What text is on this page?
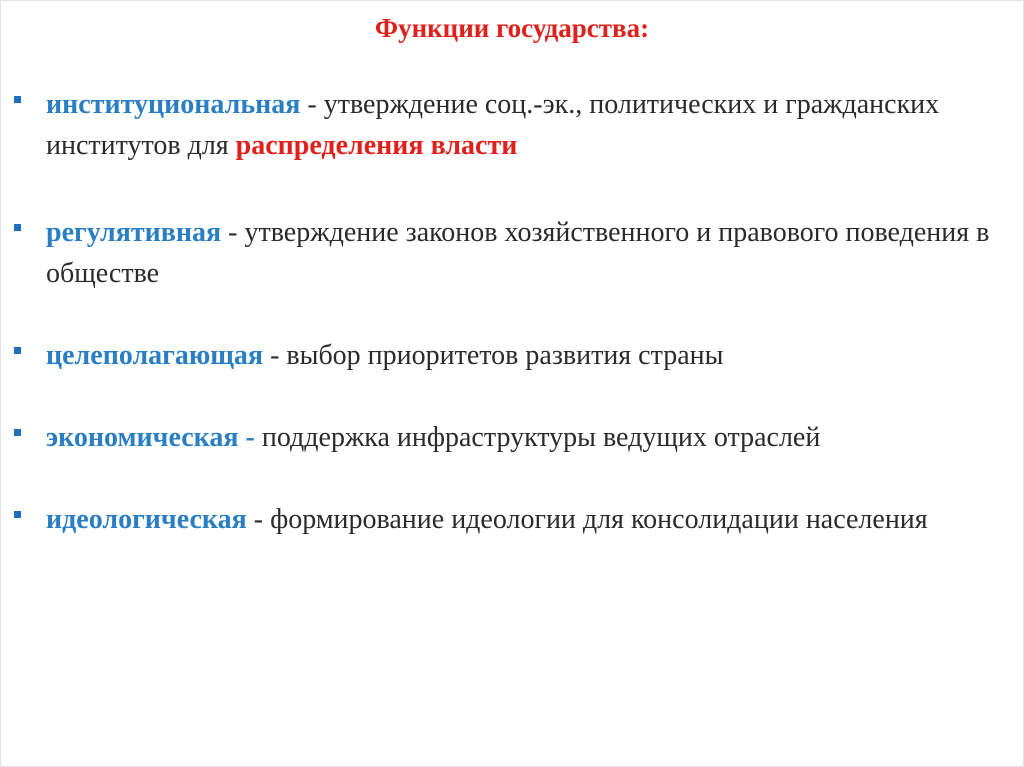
Функции государства:
институциональная - утверждение соц.-эк., политических и гражданских институтов для распределения власти
регулятивная - утверждение законов хозяйственного и правового поведения в обществе
целеполагающая - выбор приоритетов развития страны
экономическая - поддержка инфраструктуры ведущих отраслей
идеологическая - формирование идеологии для консолидации населения
